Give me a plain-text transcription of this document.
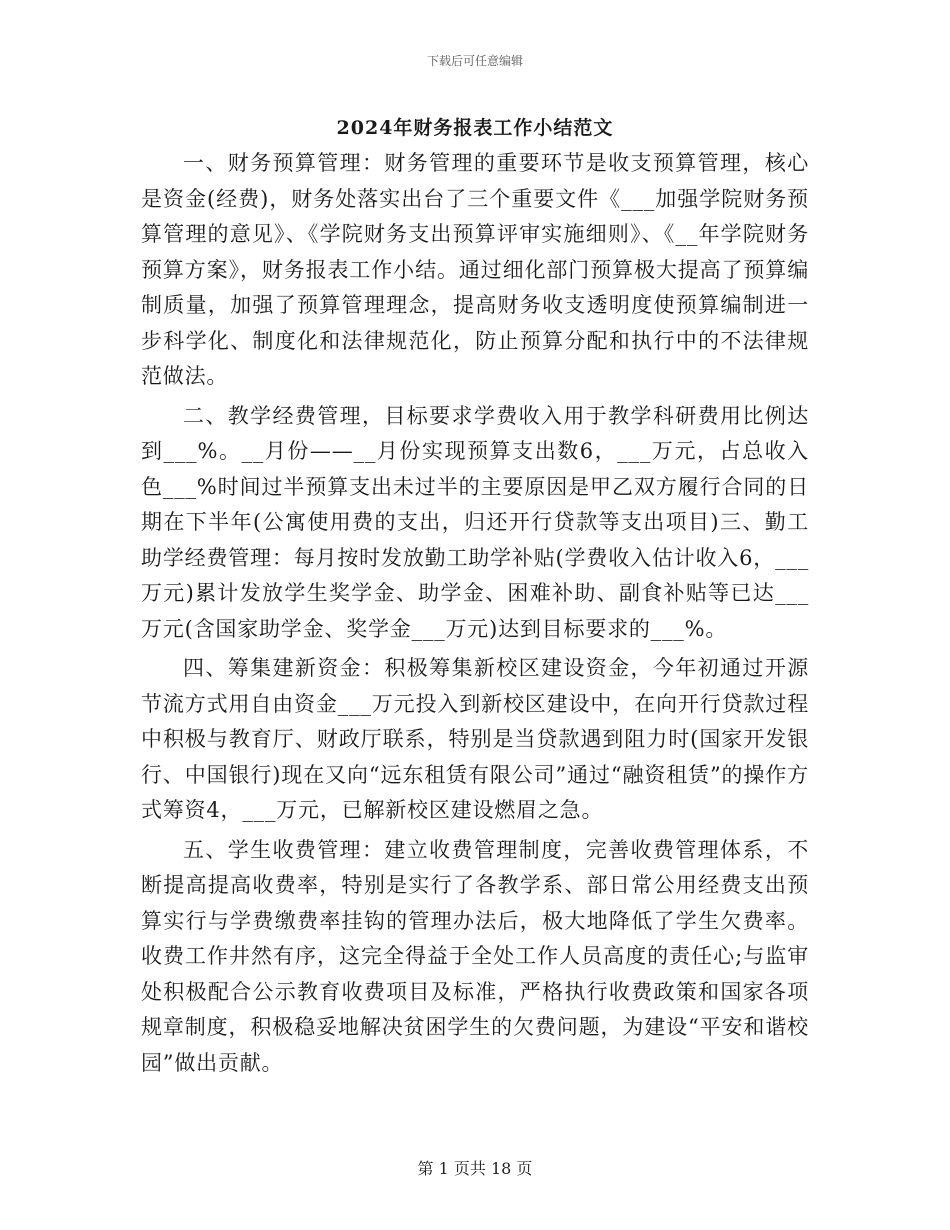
下载后可任意编辑
2024年财务报表工作小结范文

一、财务预算管理：财务管理的重要环节是收支预算管理，核心是资金(经费)，财务处落实出台了三个重要文件《___加强学院财务预算管理的意见》、《学院财务支出预算评审实施细则》、《__年学院财务预算方案》，财务报表工作小结。通过细化部门预算极大提高了预算编制质量，加强了预算管理理念，提高财务收支透明度使预算编制进一步科学化、制度化和法律规范化，防止预算分配和执行中的不法律规范做法。

二、教学经费管理，目标要求学费收入用于教学科研费用比例达到___%。__月份——__月份实现预算支出数6，___万元，占总收入色___%时间过半预算支出未过半的主要原因是甲乙双方履行合同的日期在下半年(公寓使用费的支出，归还开行贷款等支出项目)三、勤工助学经费管理：每月按时发放勤工助学补贴(学费收入估计收入6，___万元)累计发放学生奖学金、助学金、困难补助、副食补贴等已达___万元(含国家助学金、奖学金___万元)达到目标要求的___%。

四、筹集建新资金：积极筹集新校区建设资金，今年初通过开源节流方式用自由资金___万元投入到新校区建设中，在向开行贷款过程中积极与教育厅、财政厅联系，特别是当贷款遇到阻力时(国家开发银行、中国银行)现在又向“远东租赁有限公司”通过“融资租赁”的操作方式筹资4，___万元，已解新校区建设燃眉之急。

五、学生收费管理：建立收费管理制度，完善收费管理体系，不断提高提高收费率，特别是实行了各教学系、部日常公用经费支出预算实行与学费缴费率挂钩的管理办法后，极大地降低了学生欠费率。收费工作井然有序，这完全得益于全处工作人员高度的责任心;与监审处积极配合公示教育收费项目及标准，严格执行收费政策和国家各项规章制度，积极稳妥地解决贫困学生的欠费问题，为建设“平安和谐校园”做出贡献。

第 1 页共 18 页
